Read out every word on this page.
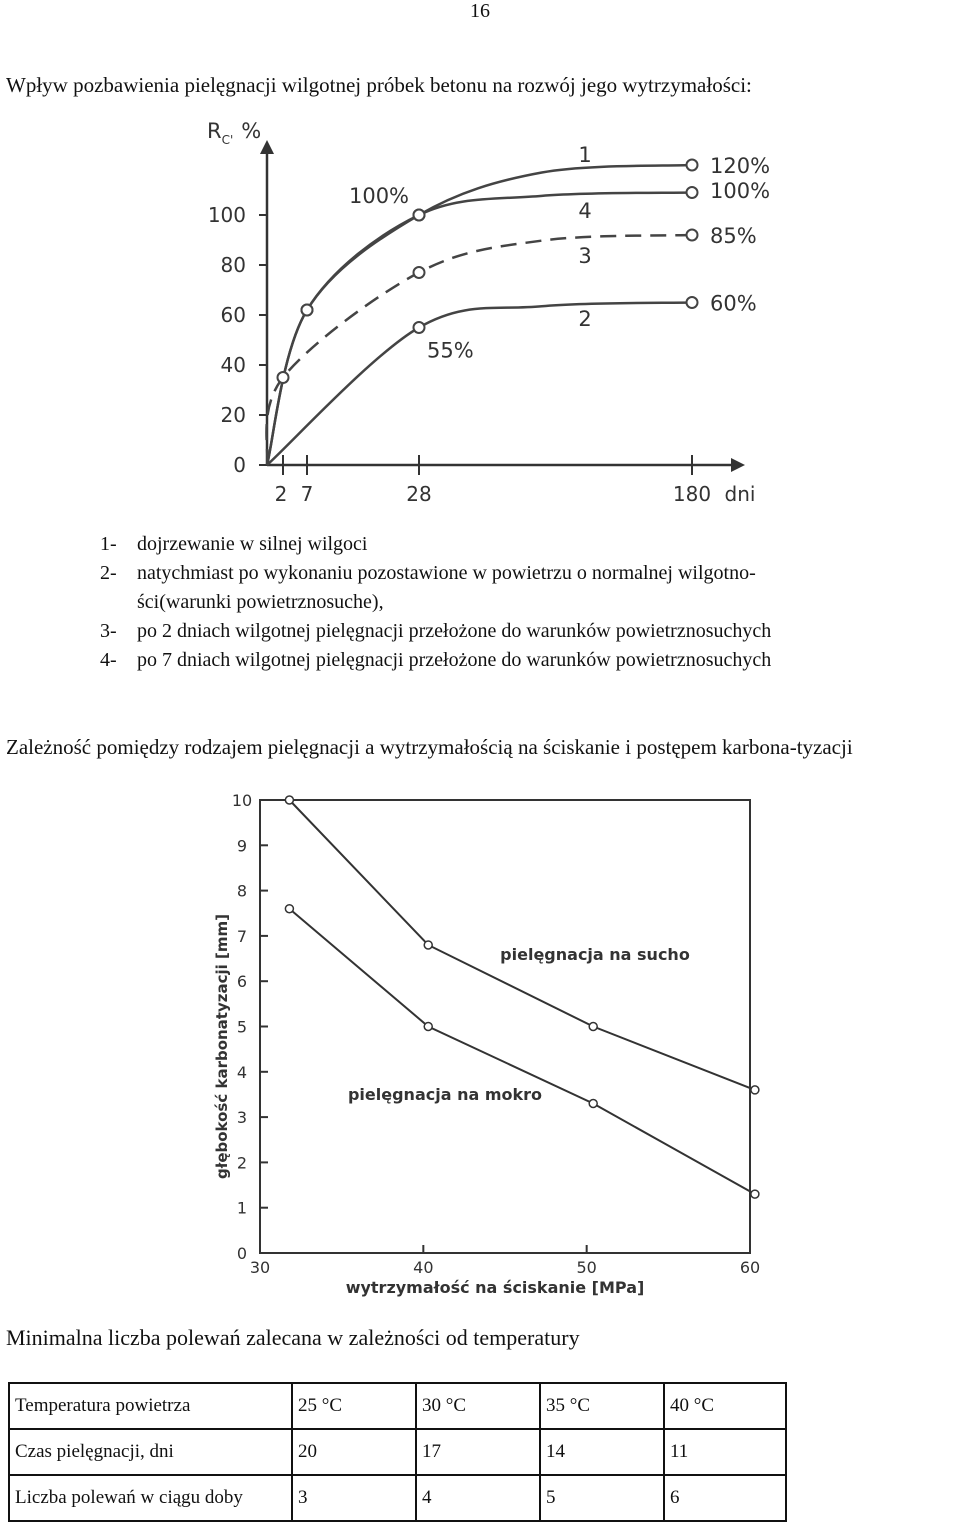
16
Wpływ pozbawienia pielęgnacji wilgotnej próbek betonu na rozwój jego wytrzymałości:
0
20
40
60
80
100
2 7	28	180 dni
$R_{C'}$ %
1
4
3
2
100%
55%
120%
100%
85%
60%
1-	dojrzewanie w silnej wilgoci
2-	natychmiast po wykonaniu pozostawione w powietrzu o normalnej wilgotno-
ści(warunki powietrznosuche),
3-	po 2 dniach wilgotnej pielęgnacji przełożone do warunków powietrznosuchych
4-	po 7 dniach wilgotnej pielęgnacji przełożone do warunków powietrznosuchych
Zależność pomiędzy rodzajem pielęgnacji a wytrzymałością na ściskanie i postępem karbona-tyzacji
0
1
2
3
4
5
6
7
8
9
10
30	40	50	60
wytrzymałość na ściskanie [MPa]
głębokość karbonatyzacji [mm]	pielęgnacja na sucho
pielęgnacja na mokro
Minimalna liczba polewań zalecana w zależności od temperatury
Temperatura powietrza	25 °C	30 °C	35 °C	40 °C
Czas pielęgnacji, dni	20	17	14	11
Liczba polewań w ciągu doby	3	4	5	6
